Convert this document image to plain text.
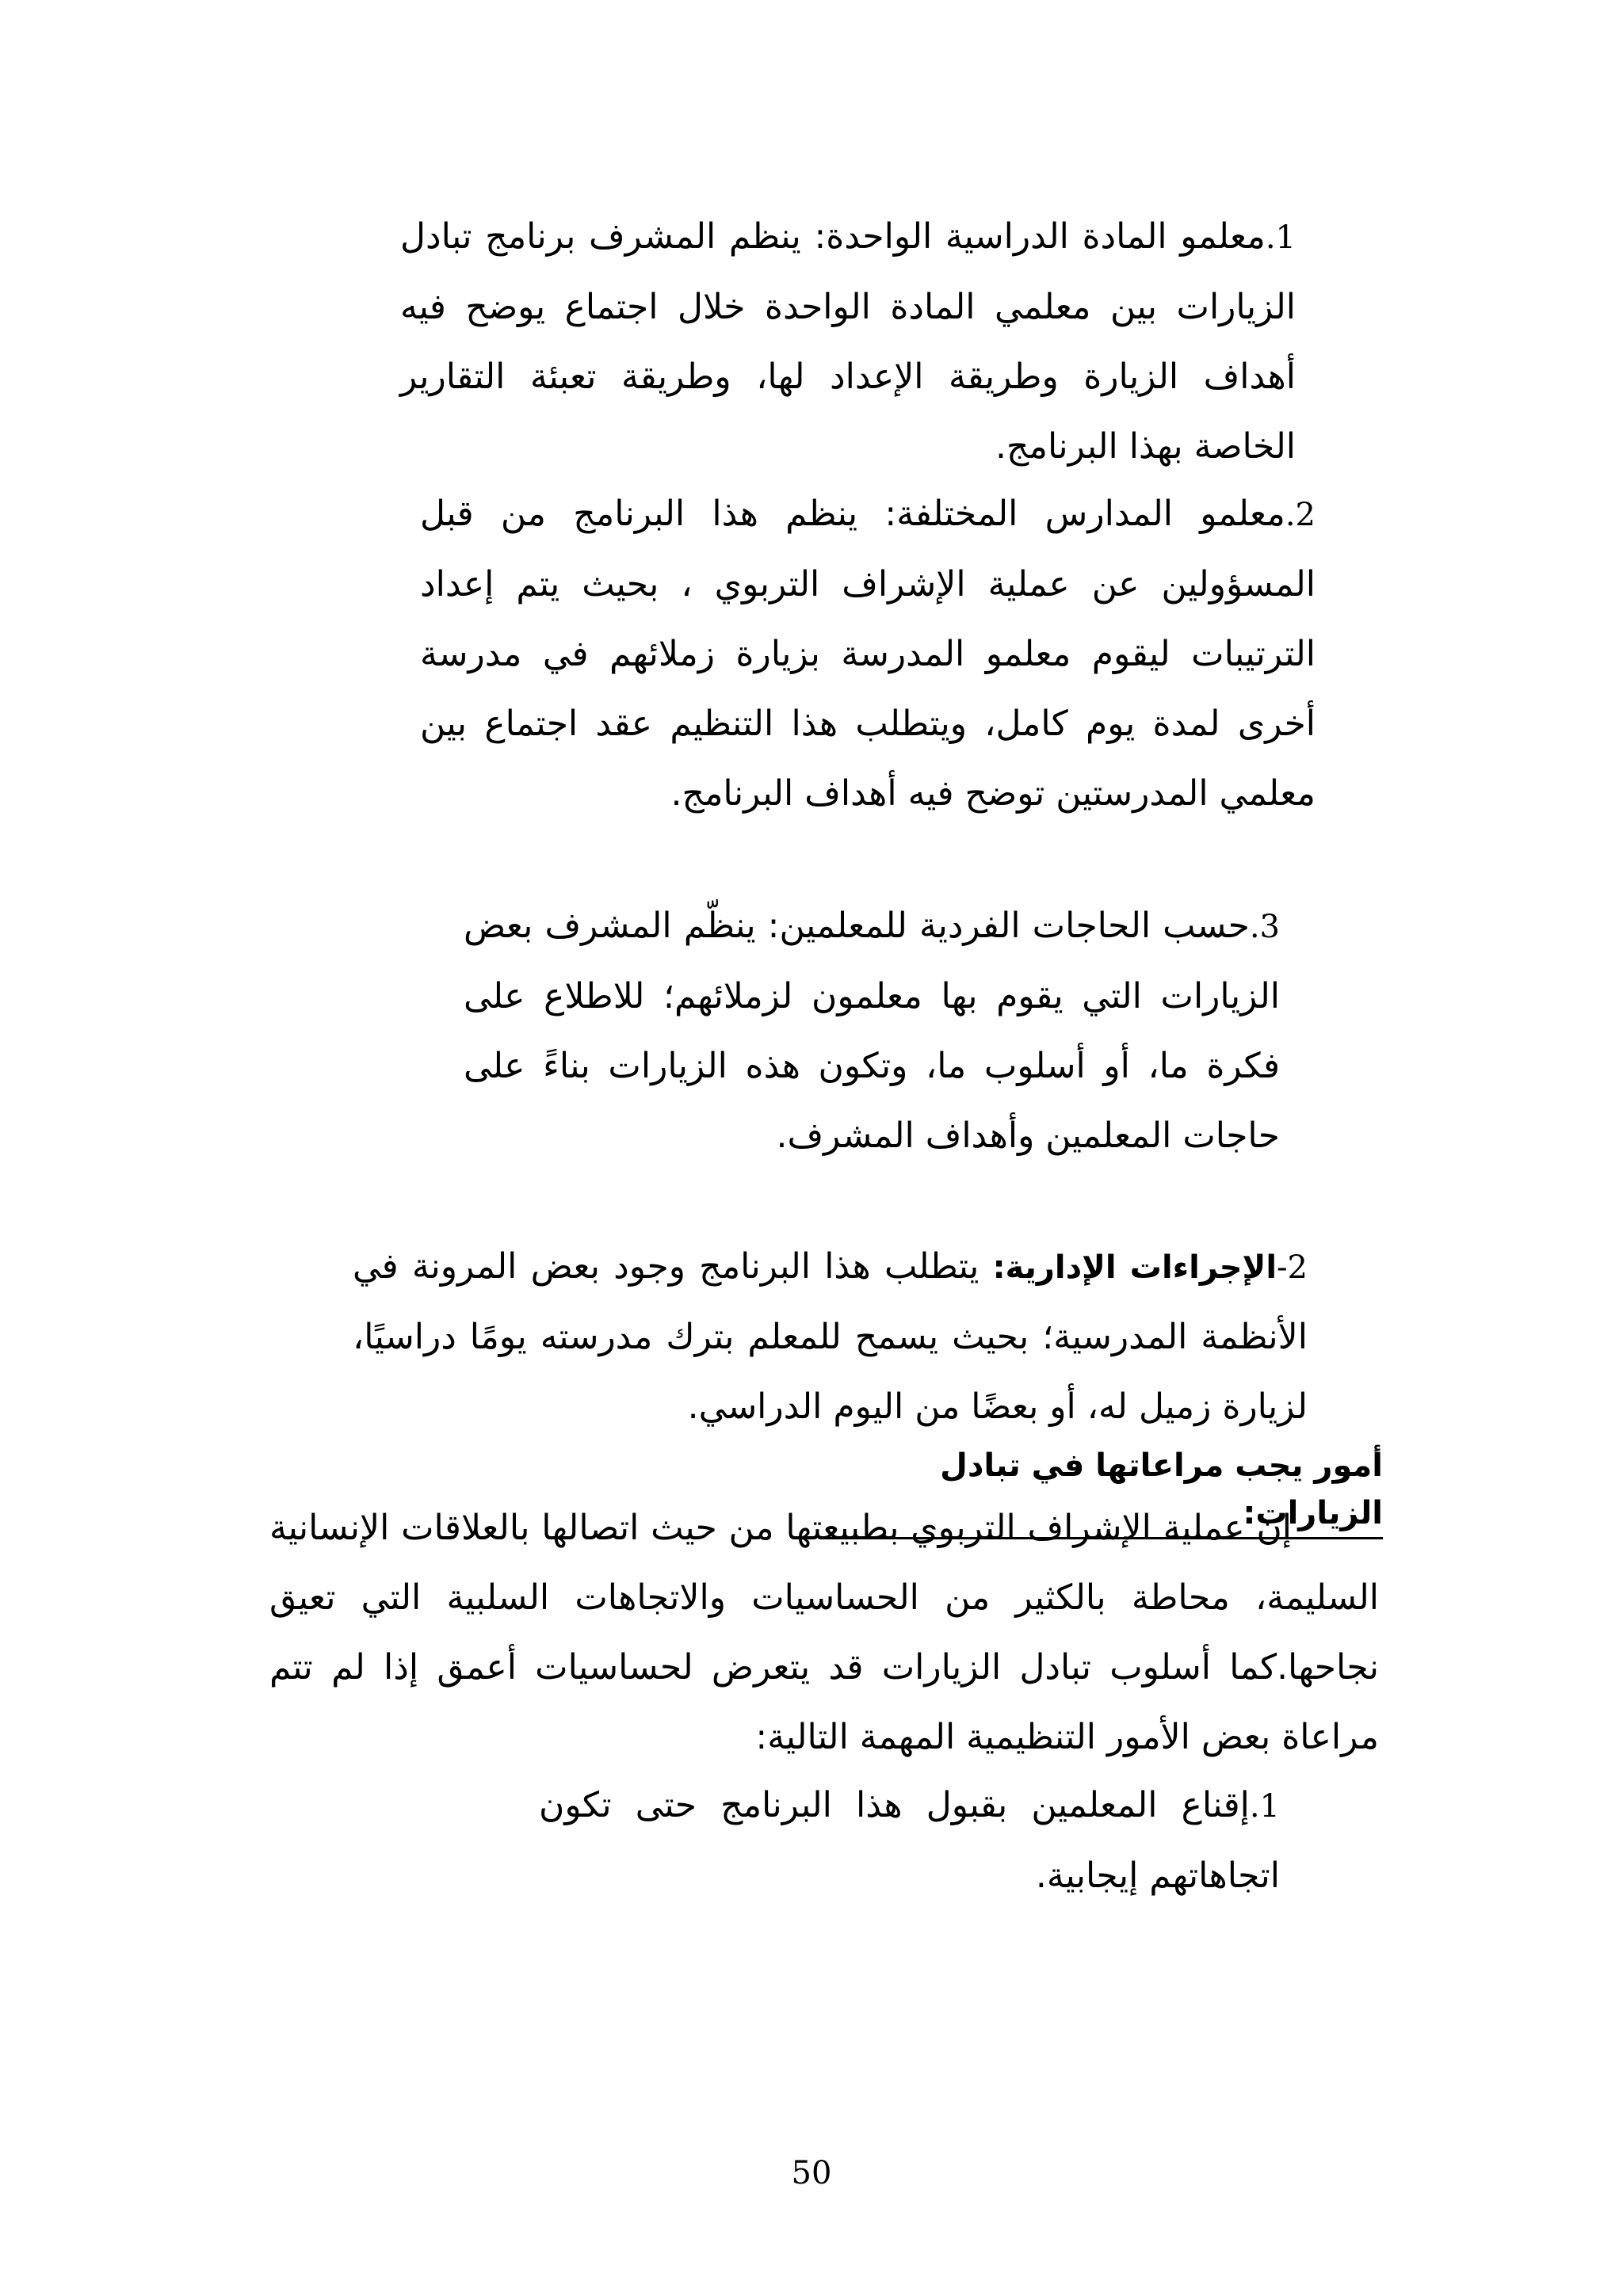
1.معلمو المادة الدراسية الواحدة: ينظم المشرف برنامج تبادل الزيارات بين معلمي المادة الواحدة خلال اجتماع يوضح فيه أهداف الزيارة وطريقة الإعداد لها، وطريقة تعبئة التقارير الخاصة بهذا البرنامج.

2.معلمو المدارس المختلفة: ينظم هذا البرنامج من قبل المسؤولين عن عملية الإشراف التربوي ، بحيث يتم إعداد الترتيبات ليقوم معلمو المدرسة بزيارة زملائهم في مدرسة أخرى لمدة يوم كامل، ويتطلب هذا التنظيم عقد اجتماع بين معلمي المدرستين توضح فيه أهداف البرنامج.

3.حسب الحاجات الفردية للمعلمين: ينظّم المشرف بعض الزيارات التي يقوم بها معلمون لزملائهم؛ للاطلاع على فكرة ما، أو أسلوب ما، وتكون هذه الزيارات بناءً على حاجات المعلمين وأهداف المشرف.

2-الإجراءات الإدارية: يتطلب هذا البرنامج وجود بعض المرونة في الأنظمة المدرسية؛ بحيث يسمح للمعلم بترك مدرسته يومًا دراسيًا، لزيارة زميل له، أو بعضًا من اليوم الدراسي.

أمور يجب مراعاتها في تبادل الزيارات:

إن عملية الإشراف التربوي بطبيعتها من حيث اتصالها بالعلاقات الإنسانية السليمة، محاطة بالكثير من الحساسيات والاتجاهات السلبية التي تعيق نجاحها.كما أسلوب تبادل الزيارات قد يتعرض لحساسيات أعمق إذا لم تتم مراعاة بعض الأمور التنظيمية المهمة التالية:

1.إقناع المعلمين بقبول هذا البرنامج حتى تكون اتجاهاتهم إيجابية.

50
